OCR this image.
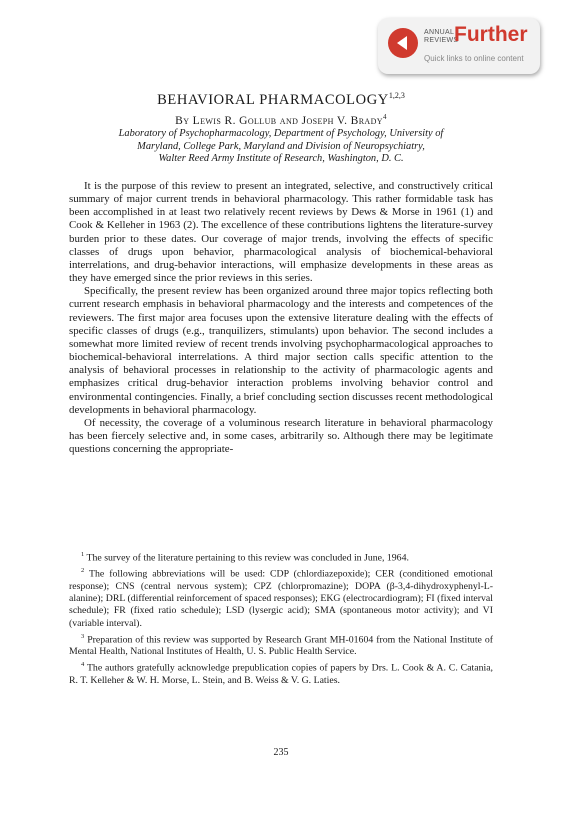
ANNUAL
REVIEWS
Further
Quick links to online content
BEHAVIORAL PHARMACOLOGY$^{1,2,3}$
By Lewis R. Gollub and Joseph V. Brady$^4$
Laboratory of Psychopharmacology, Department of Psychology, University of
Maryland, College Park, Maryland and Division of Neuropsychiatry,
Walter Reed Army Institute of Research, Washington, D. C.

It is the purpose of this review to present an integrated, selective, and constructively critical summary of major current trends in behavioral pharmacology. This rather formidable task has been accomplished in at least two relatively recent reviews by Dews & Morse in 1961 (1) and Cook & Kelleher in 1963 (2). The excellence of these contributions lightens the literature-survey burden prior to these dates. Our coverage of major trends, involving the effects of specific classes of drugs upon behavior, pharmacological analysis of biochemical-behavioral interrelations, and drug-behavior interactions, will emphasize developments in these areas as they have emerged since the prior reviews in this series.

Specifically, the present review has been organized around three major topics reflecting both current research emphasis in behavioral pharmacology and the interests and competences of the reviewers. The first major area focuses upon the extensive literature dealing with the effects of specific classes of drugs (e.g., tranquilizers, stimulants) upon behavior. The second includes a somewhat more limited review of recent trends involving psychopharmacological approaches to biochemical-behavioral interrelations. A third major section calls specific attention to the analysis of behavioral processes in relationship to the activity of pharmacologic agents and emphasizes critical drug-behavior interaction problems involving behavior control and environmental contingencies. Finally, a brief concluding section discusses recent methodological developments in behavioral pharmacology.

Of necessity, the coverage of a voluminous research literature in behavioral pharmacology has been fiercely selective and, in some cases, arbitrarily so. Although there may be legitimate questions concerning the appropriate-

$^1$ The survey of the literature pertaining to this review was concluded in June, 1964.

$^2$ The following abbreviations will be used: CDP (chlordiazepoxide); CER (conditioned emotional response); CNS (central nervous system); CPZ (chlorpromazine); DOPA (β-3,4-dihydroxyphenyl-L-alanine); DRL (differential reinforcement of spaced responses); EKG (electrocardiogram); FI (fixed interval schedule); FR (fixed ratio schedule); LSD (lysergic acid); SMA (spontaneous motor activity); and VI (variable interval).

$^3$ Preparation of this review was supported by Research Grant MH-01604 from the National Institute of Mental Health, National Institutes of Health, U. S. Public Health Service.

$^4$ The authors gratefully acknowledge prepublication copies of papers by Drs. L. Cook & A. C. Catania, R. T. Kelleher & W. H. Morse, L. Stein, and B. Weiss & V. G. Laties.

235
